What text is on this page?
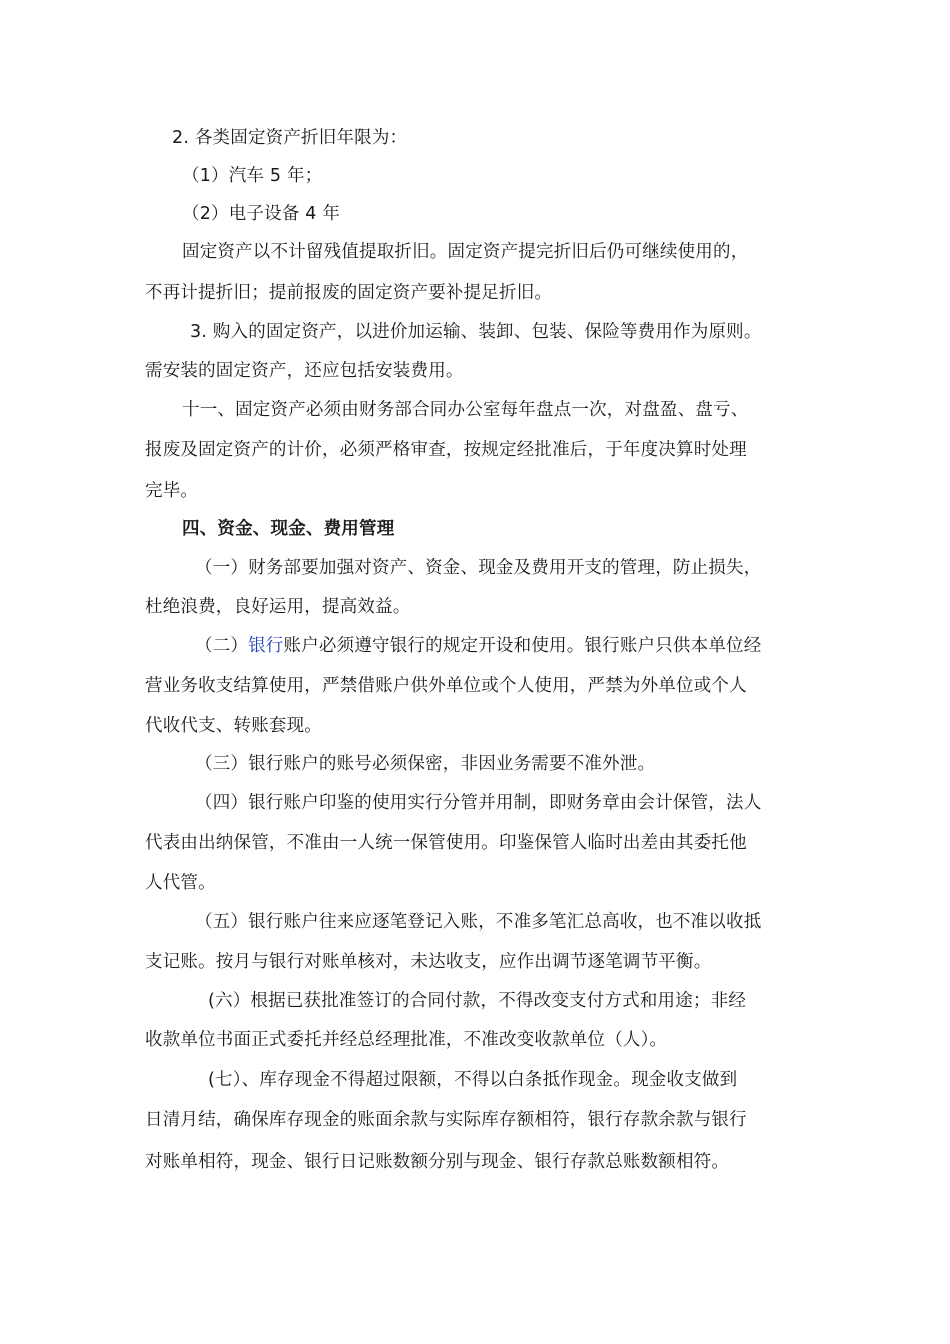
2. 各类固定资产折旧年限为：
（1）汽车 5 年；
（2）电子设备 4 年
固定资产以不计留残值提取折旧。固定资产提完折旧后仍可继续使用的，
不再计提折旧；提前报废的固定资产要补提足折旧。
3. 购入的固定资产，以进价加运输、装卸、包装、保险等费用作为原则。
需安装的固定资产，还应包括安装费用。
十一、固定资产必须由财务部合同办公室每年盘点一次，对盘盈、盘亏、
报废及固定资产的计价，必须严格审查，按规定经批准后，于年度决算时处理
完毕。
四、资金、现金、费用管理
（一）财务部要加强对资产、资金、现金及费用开支的管理，防止损失，
杜绝浪费，良好运用，提高效益。
（二）银行账户必须遵守银行的规定开设和使用。银行账户只供本单位经
营业务收支结算使用，严禁借账户供外单位或个人使用，严禁为外单位或个人
代收代支、转账套现。
（三）银行账户的账号必须保密，非因业务需要不准外泄。
（四）银行账户印鉴的使用实行分管并用制，即财务章由会计保管，法人
代表由出纳保管，不准由一人统一保管使用。印鉴保管人临时出差由其委托他
人代管。
（五）银行账户往来应逐笔登记入账，不准多笔汇总高收，也不准以收抵
支记账。按月与银行对账单核对，未达收支，应作出调节逐笔调节平衡。
(六）根据已获批准签订的合同付款，不得改变支付方式和用途；非经
收款单位书面正式委托并经总经理批准，不准改变收款单位（人）。
(七）、库存现金不得超过限额，不得以白条抵作现金。现金收支做到
日清月结，确保库存现金的账面余款与实际库存额相符，银行存款余款与银行
对账单相符，现金、银行日记账数额分别与现金、银行存款总账数额相符。
